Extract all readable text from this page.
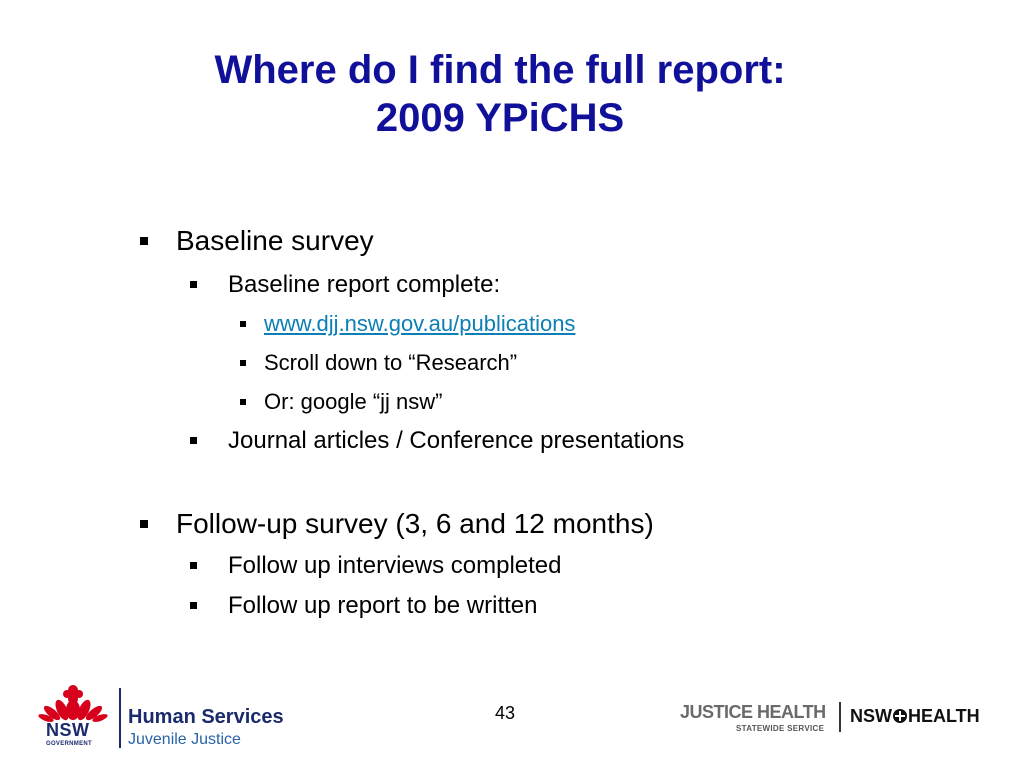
Where do I find the full report:
2009 YPiCHS
Baseline survey
Baseline report complete:
www.djj.nsw.gov.au/publications
Scroll down to “Research”
Or: google “jj nsw”
Journal articles / Conference presentations
Follow-up survey (3, 6 and 12 months)
Follow up interviews completed
Follow up report to be written
43
NSW
GOVERNMENT
Human Services
Juvenile Justice
JUSTICE HEALTH
STATEWIDE SERVICE
NSW HEALTH
